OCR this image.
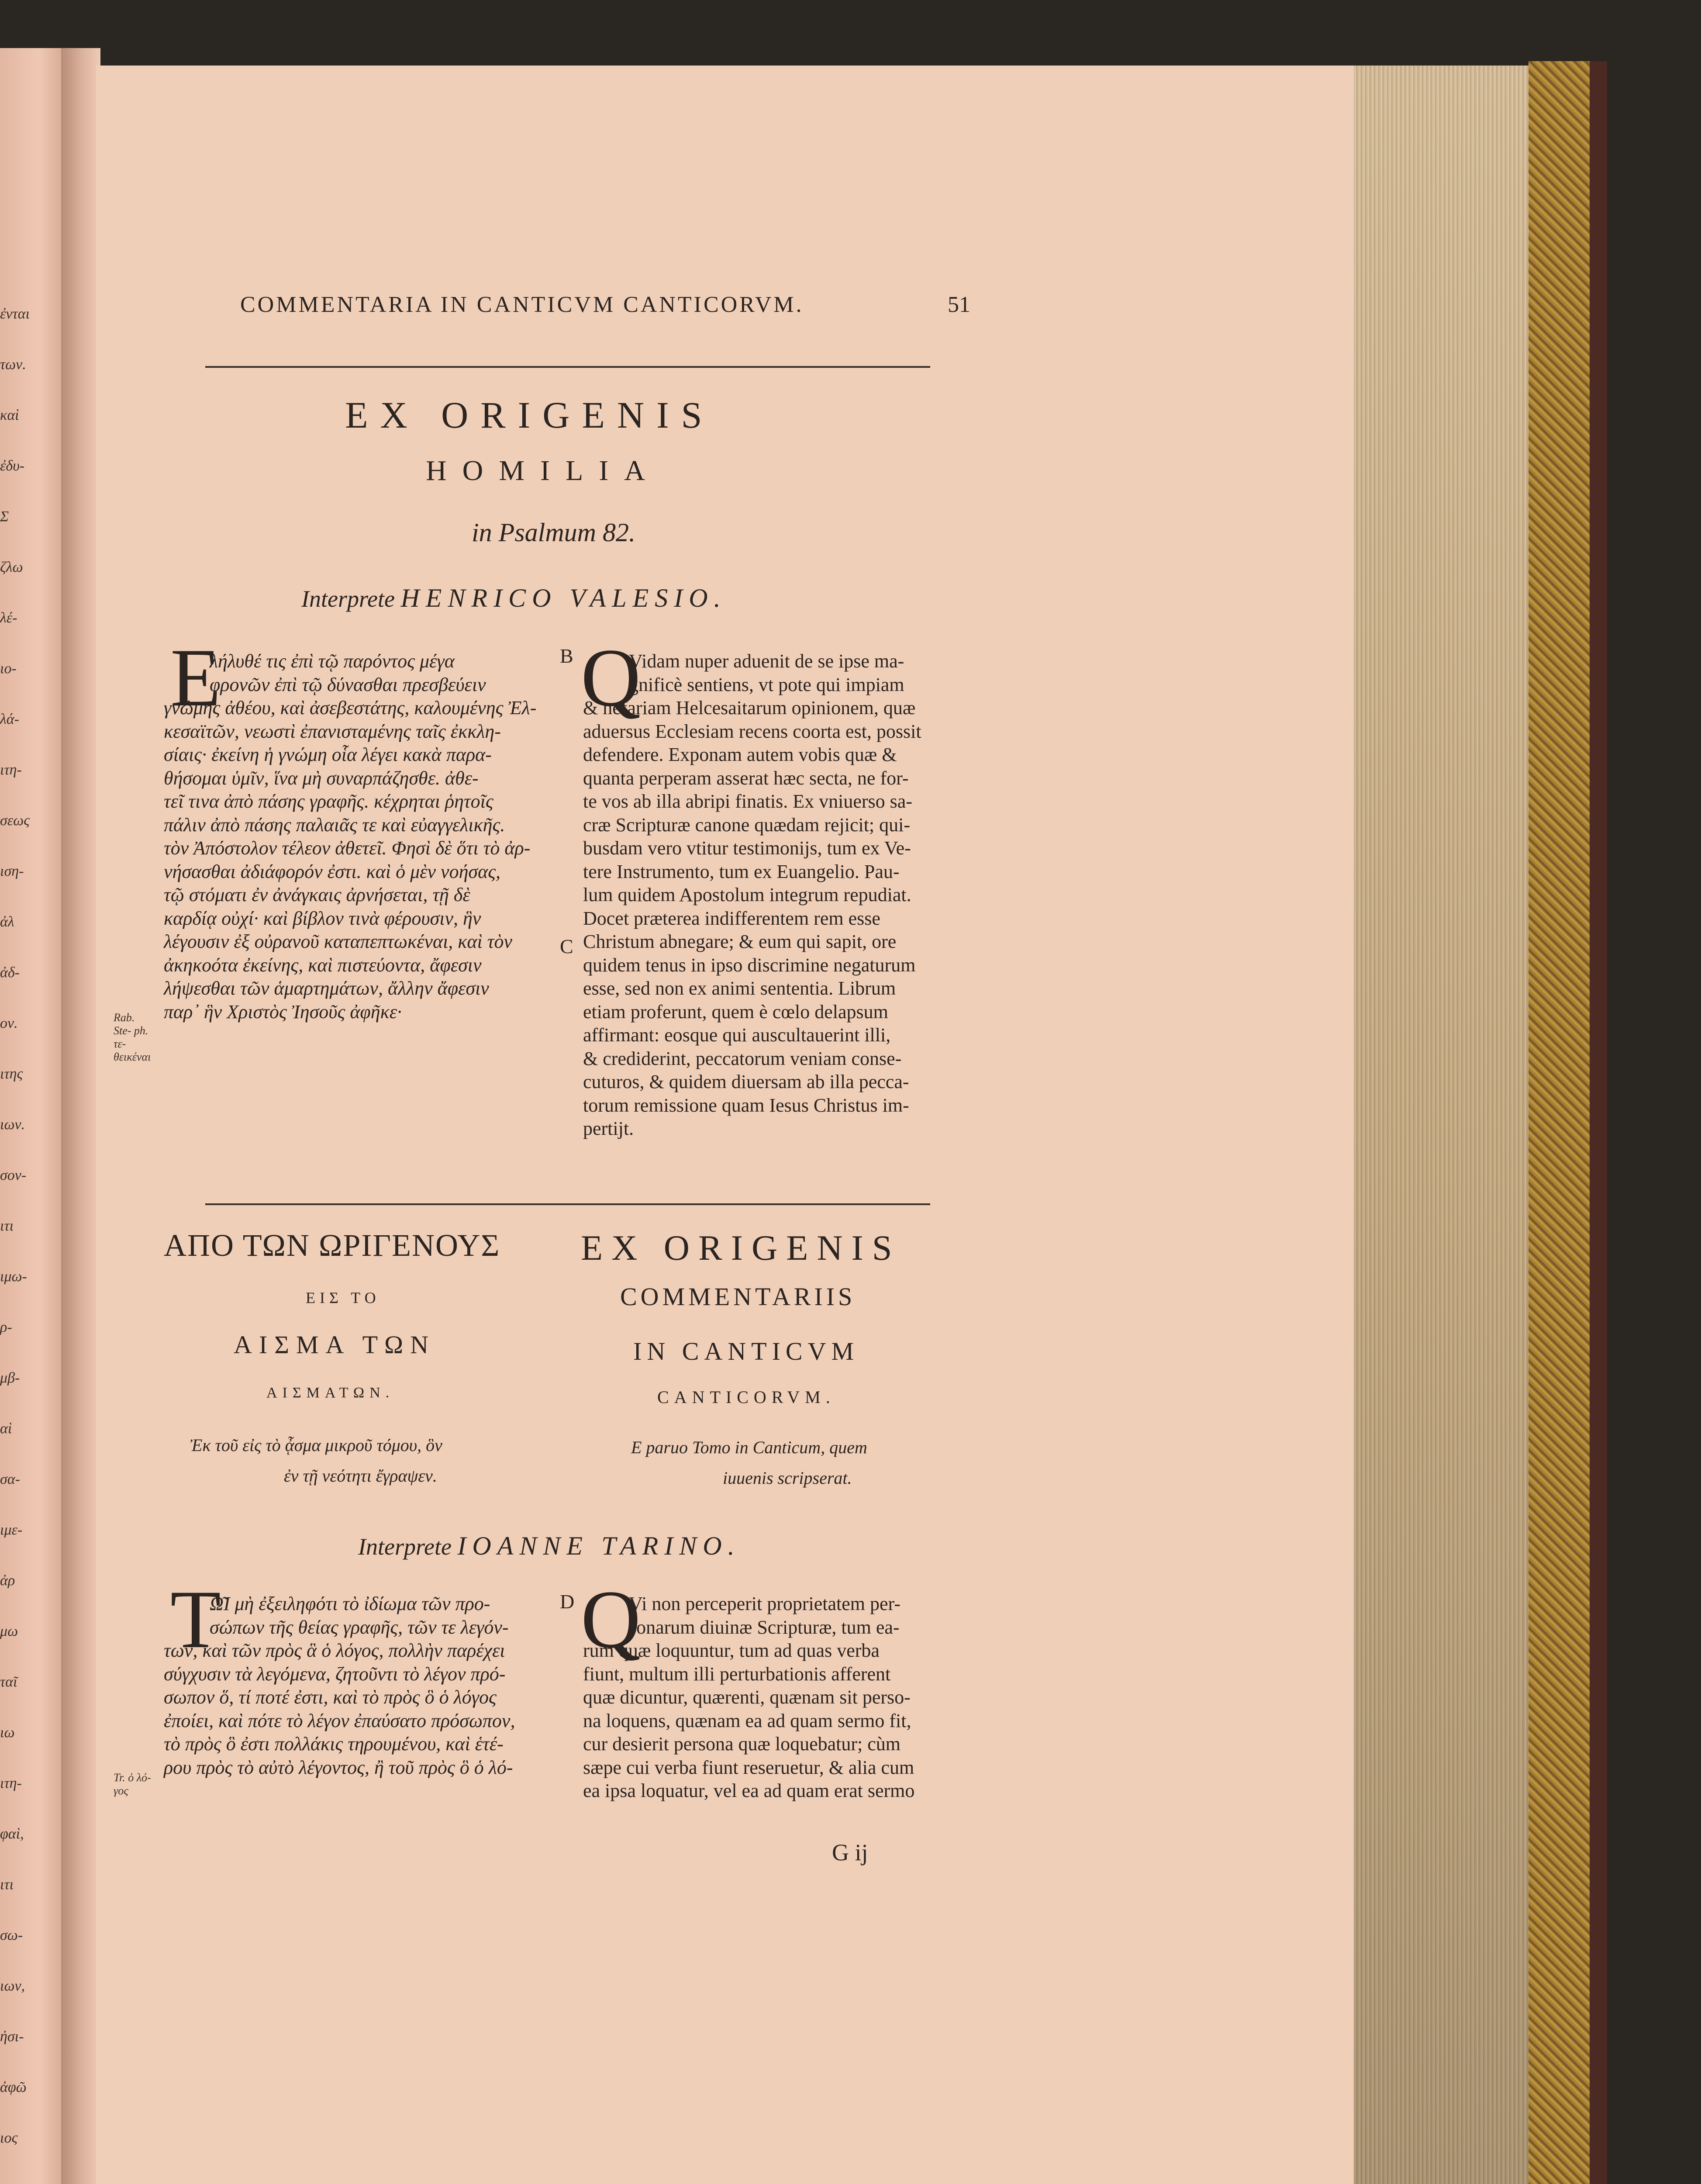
ἐνται
των.
καὶ
ἐδυ-
Σ
ζλω
λέ-
ιο-
λά-
ιτη-
σεως
ιση-
ἀλ
ἀδ-
ον.
ιτης
ιων.
σον-
ιτι
ιμω-
ρ-
μβ-
αὶ
σα-
ιμε-
ἀρ
μω
ταῖ
ιω
ιτη-
φαὶ,
ιτι
σω-
ιων,
ἠσι-
ἀφῶ
ιος
COMMENTARIA IN CANTICVM CANTICORVM.	51
EX ORIGENIS
HOMILIA
in Psalmum 82.
Interprete HENRICO VALESIO.
E
λήλυθέ τις ἐπὶ τῷ παρόντος μέγα
φρονῶν ἐπὶ τῷ δύνασθαι πρεσβεύειν
γνώμης ἀθέου, καὶ ἀσεβεστάτης, καλουμένης Ἐλ-
κεσαϊτῶν, νεωστὶ ἐπανισταμένης ταῖς ἐκκλη-
σίαις· ἐκείνη ἡ γνώμη οἷα λέγει κακὰ παρα-
θήσομαι ὑμῖν, ἵνα μὴ συναρπάζησθε. ἀθε-
τεῖ τινα ἀπὸ πάσης γραφῆς. κέχρηται ῥητοῖς
πάλιν ἀπὸ πάσης παλαιᾶς τε καὶ εὐαγγελικῆς.
τὸν Ἀπόστολον τέλεον ἀθετεῖ. Φησὶ δὲ ὅτι τὸ ἀρ-
νήσασθαι ἀδιάφορόν ἐστι. καὶ ὁ μὲν νοήσας,
τῷ στόματι ἐν ἀνάγκαις ἀρνήσεται, τῇ δὲ
καρδίᾳ οὐχί· καὶ βίβλον τινὰ φέρουσιν, ἣν
λέγουσιν ἐξ οὐρανοῦ καταπεπτωκέναι, καὶ τὸν
ἀκηκοότα ἐκείνης, καὶ πιστεύοντα, ἄφεσιν
λήψεσθαι τῶν ἁμαρτημάτων, ἄλλην ἄφεσιν
παρ᾽ ἣν Χριστὸς Ἰησοῦς ἀφῆκε·
Rab. Ste- ph. τε- θεικέναι
B
C
Q
Vidam nuper aduenit de se ipse ma-
gnificè sentiens, vt pote qui impiam
& nefariam Helcesaitarum opinionem, quæ
aduersus Ecclesiam recens coorta est, possit
defendere. Exponam autem vobis quæ &
quanta perperam asserat hæc secta, ne for-
te vos ab illa abripi finatis. Ex vniuerso sa-
cræ Scripturæ canone quædam rejicit; qui-
busdam vero vtitur testimonijs, tum ex Ve-
tere Instrumento, tum ex Euangelio. Pau-
lum quidem Apostolum integrum repudiat.
Docet præterea indifferentem rem esse
Christum abnegare; & eum qui sapit, ore
quidem tenus in ipso discrimine negaturum
esse, sed non ex animi sententia. Librum
etiam proferunt, quem è cœlo delapsum
affirmant: eosque qui auscultauerint illi,
& crediderint, peccatorum veniam conse-
cuturos, & quidem diuersam ab illa pecca-
torum remissione quam Iesus Christus im-
pertijt.
ΑΠΟ ΤΩΝ ΩΡΙΓΕΝΟΥΣ
ΕΙΣ ΤΟ
ΑΙΣΜΑ ΤΩΝ
ΑΙΣΜΑΤΩΝ.
Ἐκ τοῦ εἰς τὸ ᾆσμα μικροῦ τόμου, ὃν
ἐν τῇ νεότητι ἔγραψεν.
EX ORIGENIS
COMMENTARIIS
IN CANTICVM
CANTICORVM.
E paruo Tomo in Canticum, quem
iuuenis scripserat.
Interprete IOANNE TARINO.
T
Ω͂Ι μὴ ἐξειληφότι τὸ ἰδίωμα τῶν προ-
σώπων τῆς θείας γραφῆς, τῶν τε λεγόν-
των, καὶ τῶν πρὸς ἃ ὁ λόγος, πολλὴν παρέχει
σύγχυσιν τὰ λεγόμενα, ζητοῦντι τὸ λέγον πρό-
σωπον ὅ, τί ποτέ ἐστι, καὶ τὸ πρὸς ὃ ὁ λόγος
ἐποίει, καὶ πότε τὸ λέγον ἐπαύσατο πρόσωπον,
τὸ πρὸς ὃ ἐστι πολλάκις τηρουμένου, καὶ ἑτέ-
ρου πρὸς τὸ αὐτὸ λέγοντος, ἢ τοῦ πρὸς ὃ ὁ λό-
Tr. ὁ λό- γος
D Q
Vi non perceperit proprietatem per-
sonarum diuinæ Scripturæ, tum ea-
rum quæ loquuntur, tum ad quas verba
fiunt, multum illi perturbationis afferent
quæ dicuntur, quærenti, quænam sit perso-
na loquens, quænam ea ad quam sermo fit,
cur desierit persona quæ loquebatur; cùm
sæpe cui verba fiunt reseruetur, & alia cum
ea ipsa loquatur, vel ea ad quam erat sermo
G ij
